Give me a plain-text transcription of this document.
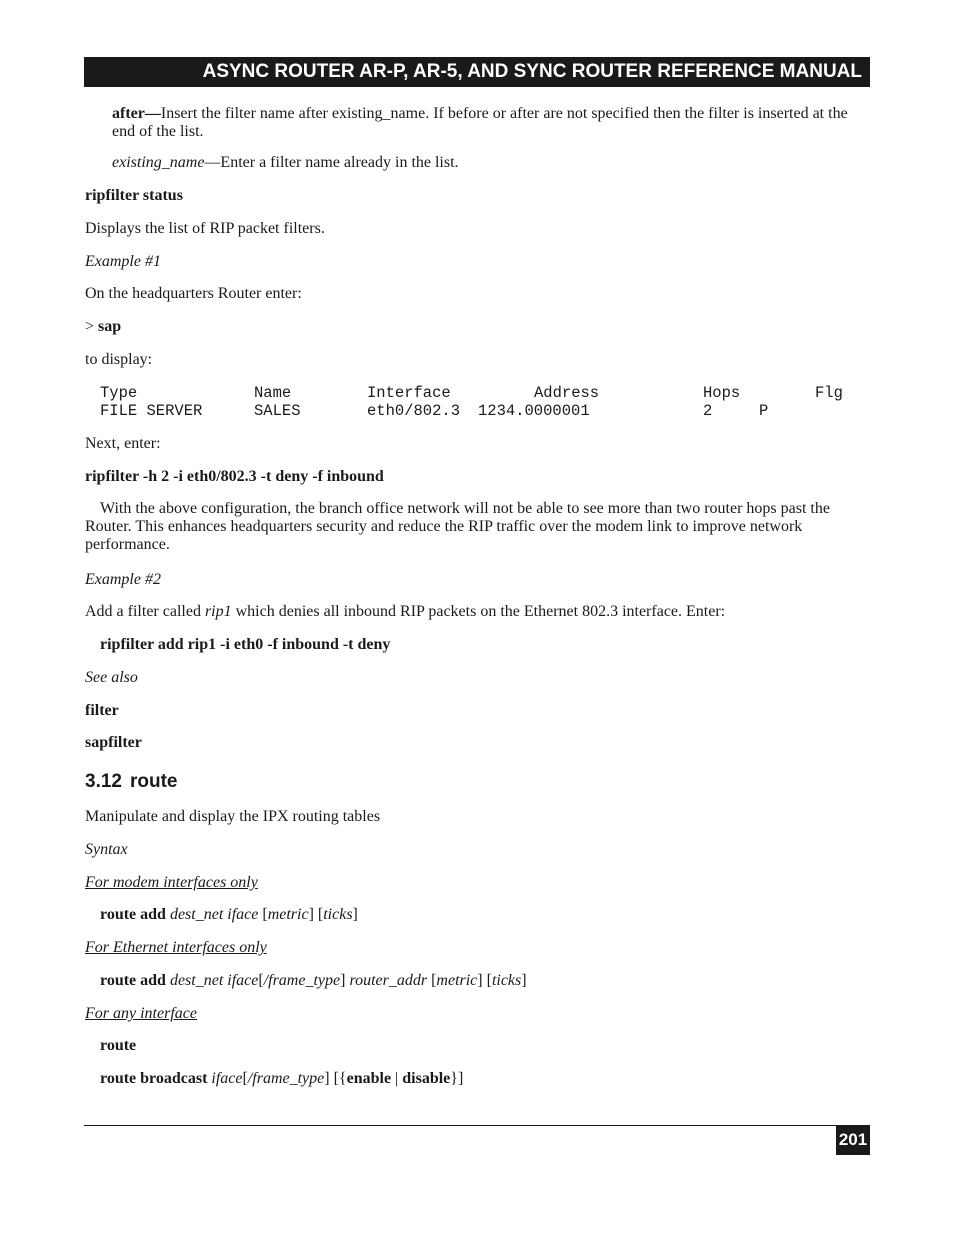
ASYNC ROUTER AR-P, AR-5, AND SYNC ROUTER REFERENCE MANUAL

after—Insert the filter name after existing_name. If before or after are not specified then the filter is inserted at the end of the list.

existing_name—Enter a filter name already in the list.

ripfilter status

Displays the list of RIP packet filters.

Example #1

On the headquarters Router enter:

> sap

to display:

Type	Name	Interface	Address	Hops	Flg
FILE SERVER	SALES	eth0/802.3 1234.0000001	2	P

Next, enter:

ripfilter -h 2 -i eth0/802.3 -t deny -f inbound

With the above configuration, the branch office network will not be able to see more than two router hops past the Router. This enhances headquarters security and reduce the RIP traffic over the modem link to improve network performance.

Example #2

Add a filter called rip1 which denies all inbound RIP packets on the Ethernet 802.3 interface. Enter:

ripfilter add rip1 -i eth0 -f inbound -t deny

See also

filter

sapfilter

3.12 route

Manipulate and display the IPX routing tables

Syntax

For modem interfaces only

route add dest_net iface [metric] [ticks]

For Ethernet interfaces only

route add dest_net iface[/frame_type] router_addr [metric] [ticks]

For any interface

route

route broadcast iface[/frame_type] [{enable | disable}]

201
